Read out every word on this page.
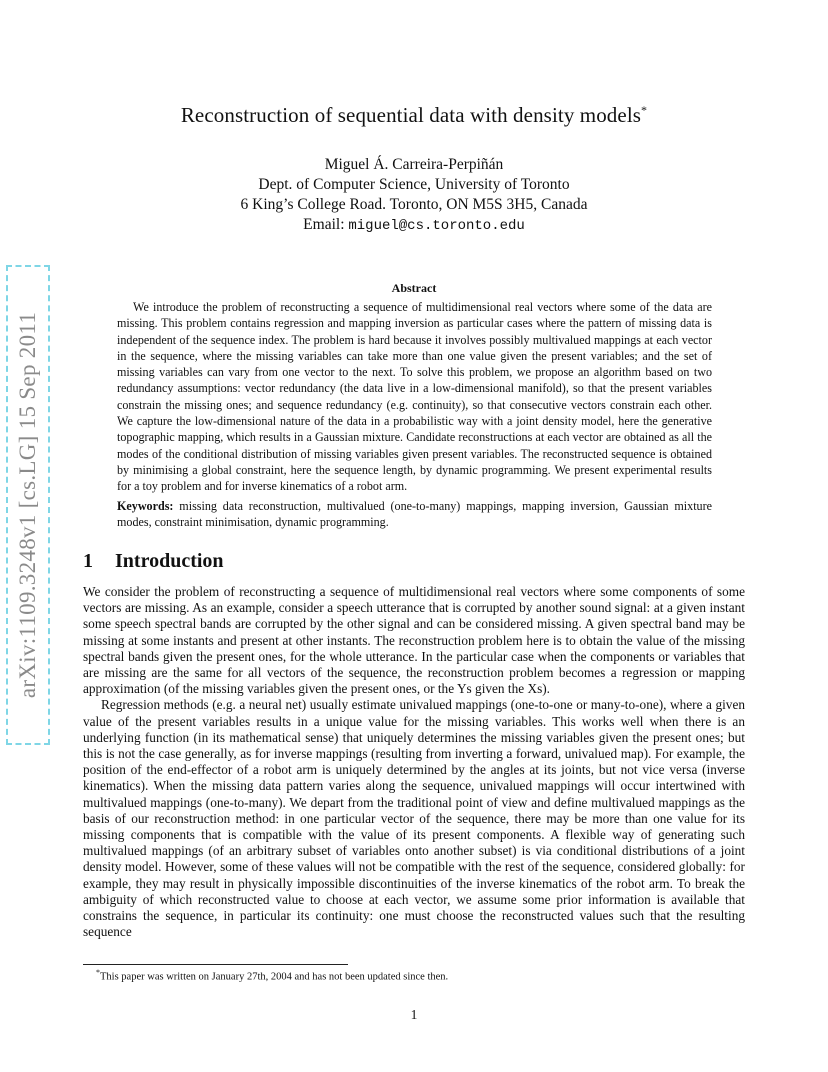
arXiv:1109.3248v1 [cs.LG] 15 Sep 2011
Reconstruction of sequential data with density models*
Miguel Á. Carreira-Perpiñán
Dept. of Computer Science, University of Toronto
6 King’s College Road. Toronto, ON M5S 3H5, Canada
Email: miguel@cs.toronto.edu
Abstract

We introduce the problem of reconstructing a sequence of multidimensional real vectors where some of the data are missing. This problem contains regression and mapping inversion as particular cases where the pattern of missing data is independent of the sequence index. The problem is hard because it involves possibly multivalued mappings at each vector in the sequence, where the missing variables can take more than one value given the present variables; and the set of missing variables can vary from one vector to the next. To solve this problem, we propose an algorithm based on two redundancy assumptions: vector redundancy (the data live in a low-dimensional manifold), so that the present variables constrain the missing ones; and sequence redundancy (e.g. continuity), so that consecutive vectors constrain each other. We capture the low-dimensional nature of the data in a probabilistic way with a joint density model, here the generative topographic mapping, which results in a Gaussian mixture. Candidate reconstructions at each vector are obtained as all the modes of the conditional distribution of missing variables given present variables. The reconstructed sequence is obtained by minimising a global constraint, here the sequence length, by dynamic programming. We present experimental results for a toy problem and for inverse kinematics of a robot arm.

Keywords: missing data reconstruction, multivalued (one-to-many) mappings, mapping inversion, Gaussian mixture modes, constraint minimisation, dynamic programming.

1 Introduction

We consider the problem of reconstructing a sequence of multidimensional real vectors where some components of some vectors are missing. As an example, consider a speech utterance that is corrupted by another sound signal: at a given instant some speech spectral bands are corrupted by the other signal and can be considered missing. A given spectral band may be missing at some instants and present at other instants. The reconstruction problem here is to obtain the value of the missing spectral bands given the present ones, for the whole utterance. In the particular case when the components or variables that are missing are the same for all vectors of the sequence, the reconstruction problem becomes a regression or mapping approximation (of the missing variables given the present ones, or the Ys given the Xs).

Regression methods (e.g. a neural net) usually estimate univalued mappings (one-to-one or many-to-one), where a given value of the present variables results in a unique value for the missing variables. This works well when there is an underlying function (in its mathematical sense) that uniquely determines the missing variables given the present ones; but this is not the case generally, as for inverse mappings (resulting from inverting a forward, univalued map). For example, the position of the end-effector of a robot arm is uniquely determined by the angles at its joints, but not vice versa (inverse kinematics). When the missing data pattern varies along the sequence, univalued mappings will occur intertwined with multivalued mappings (one-to-many). We depart from the traditional point of view and define multivalued mappings as the basis of our reconstruction method: in one particular vector of the sequence, there may be more than one value for its missing components that is compatible with the value of its present components. A flexible way of generating such multivalued mappings (of an arbitrary subset of variables onto another subset) is via conditional distributions of a joint density model. However, some of these values will not be compatible with the rest of the sequence, considered globally: for example, they may result in physically impossible discontinuities of the inverse kinematics of the robot arm. To break the ambiguity of which reconstructed value to choose at each vector, we assume some prior information is available that constrains the sequence, in particular its continuity: one must choose the reconstructed values such that the resulting sequence

*This paper was written on January 27th, 2004 and has not been updated since then.
1
